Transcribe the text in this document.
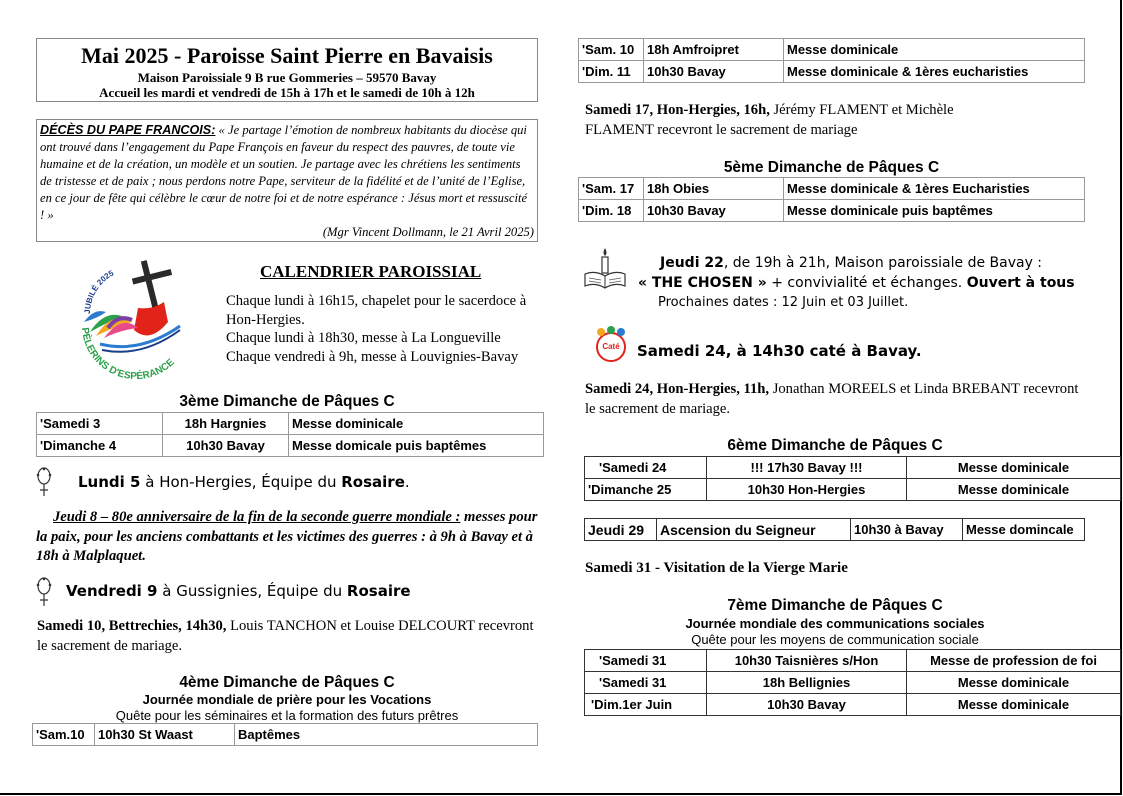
Mai 2025 - Paroisse Saint Pierre en Bavaisis
Maison Paroissiale 9 B rue Gommeries – 59570 Bavay
Accueil les mardi et vendredi de 15h à 17h et le samedi de 10h à 12h
DÉCÈS DU PAPE FRANCOIS: « Je partage l’émotion de nombreux habitants du diocèse qui ont trouvé dans l’engagement du Pape François en faveur du respect des pauvres, de toute vie humaine et de la création, un modèle et un soutien. Je partage avec les chrétiens les sentiments de tristesse et de paix ; nous perdons notre Pape, serviteur de la fidélité et de l’unité de l’Eglise, en ce jour de fête qui célèbre le cœur de notre foi et de notre espérance : Jésus mort et ressuscité ! »
(Mgr Vincent Dollmann, le 21 Avril 2025)
JUBILÉ 2025
PÈLERINS D'ESPÉRANCE
CALENDRIER PAROISSIAL
Chaque lundi à 16h15, chapelet pour le sacerdoce à Hon-Hergies.
Chaque lundi à 18h30, messe à La Longueville
Chaque vendredi à 9h, messe à Louvignies-Bavay
3ème Dimanche de Pâques C
'Samedi 3	18h Hargnies	Messe dominicale
'Dimanche 4	10h30 Bavay	Messe domicale puis baptêmes
Lundi 5 à Hon-Hergies, Équipe du Rosaire.
Jeudi 8 – 80e anniversaire de la fin de la seconde guerre mondiale : messes pour la paix, pour les anciens combattants et les victimes des guerres : à 9h à Bavay et à 18h à Malplaquet.
Vendredi 9 à Gussignies, Équipe du Rosaire
Samedi 10, Bettrechies, 14h30, Louis TANCHON et Louise DELCOURT recevront le sacrement de mariage.
4ème Dimanche de Pâques C
Journée mondiale de prière pour les Vocations
Quête pour les séminaires et la formation des futurs prêtres
'Sam.10	10h30 St Waast	Baptêmes
'Sam. 10	18h Amfroipret	Messe dominicale
'Dim. 11	10h30 Bavay	Messe dominicale & 1ères eucharisties
Samedi 17, Hon-Hergies, 16h, Jérémy FLAMENT et Michèle FLAMENT recevront le sacrement de mariage
5ème Dimanche de Pâques C
'Sam. 17	18h Obies	Messe dominicale & 1ères Eucharisties
'Dim. 18	10h30 Bavay	Messe dominicale puis baptêmes
Jeudi 22, de 19h à 21h, Maison paroissiale de Bavay :
« THE CHOSEN » + convivialité et échanges. Ouvert à tous
Prochaines dates : 12 Juin et 03 Juillet.
Caté	Samedi 24, à 14h30 caté à Bavay.
Samedi 24, Hon-Hergies, 11h, Jonathan MOREELS et Linda BREBANT recevront le sacrement de mariage.
6ème Dimanche de Pâques C
'Samedi 24	!!! 17h30 Bavay !!!	Messe dominicale
'Dimanche 25	10h30 Hon-Hergies	Messe dominicale
Jeudi 29	Ascension du Seigneur	10h30 à Bavay	Messe domincale
Samedi 31 - Visitation de la Vierge Marie
7ème Dimanche de Pâques C
Journée mondiale des communications sociales
Quête pour les moyens de communication sociale
'Samedi 31	10h30 Taisnières s/Hon	Messe de profession de foi
'Samedi 31	18h Bellignies	Messe dominicale
'Dim.1er Juin	10h30 Bavay	Messe dominicale
